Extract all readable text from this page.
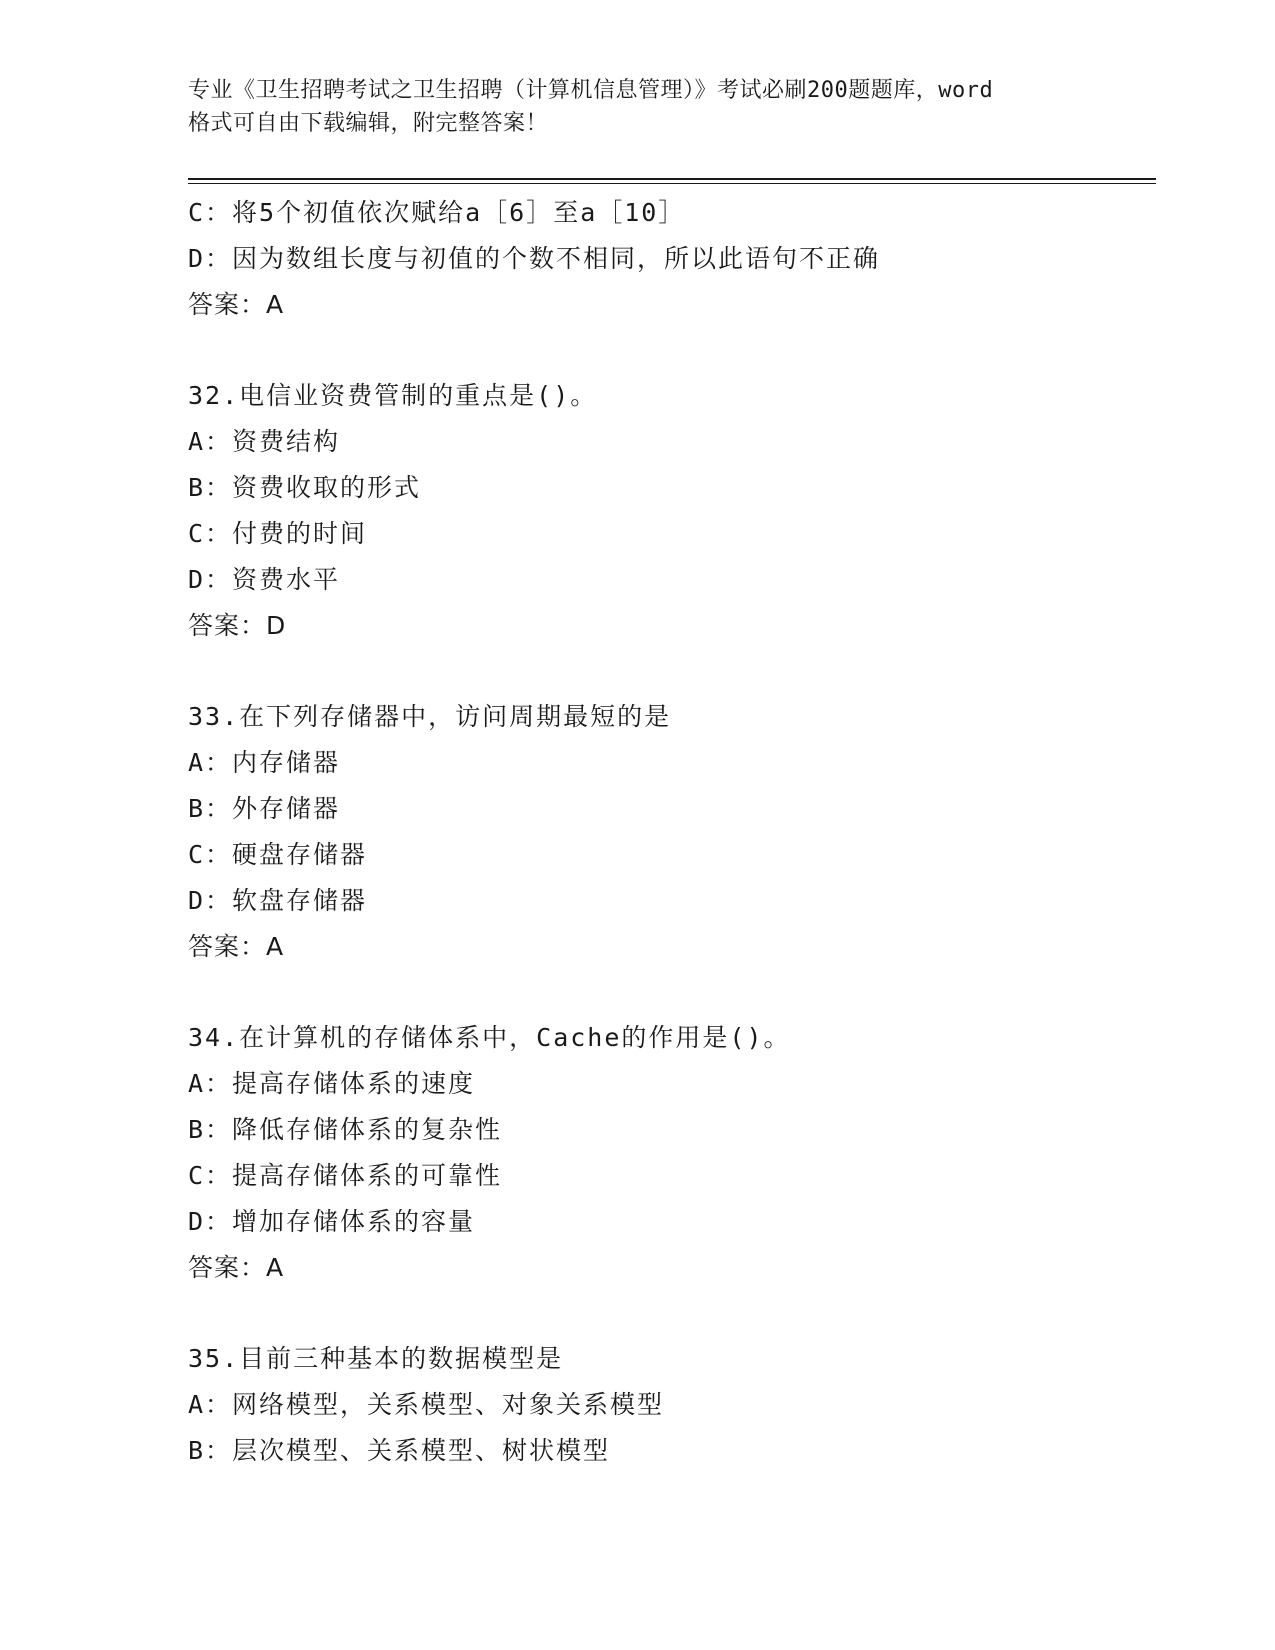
专业《卫生招聘考试之卫生招聘（计算机信息管理）》考试必刷200题题库，word
格式可自由下载编辑，附完整答案！
C：将5个初值依次赋给a［6］至a［10］
D：因为数组长度与初值的个数不相同，所以此语句不正确
答案：A
32.电信业资费管制的重点是()。
A：资费结构
B：资费收取的形式
C：付费的时间
D：资费水平
答案：D
33.在下列存储器中，访问周期最短的是
A：内存储器
B：外存储器
C：硬盘存储器
D：软盘存储器
答案：A
34.在计算机的存储体系中，Cache的作用是()。
A：提高存储体系的速度
B：降低存储体系的复杂性
C：提高存储体系的可靠性
D：增加存储体系的容量
答案：A
35.目前三种基本的数据模型是
A：网络模型，关系模型、对象关系模型
B：层次模型、关系模型、树状模型
